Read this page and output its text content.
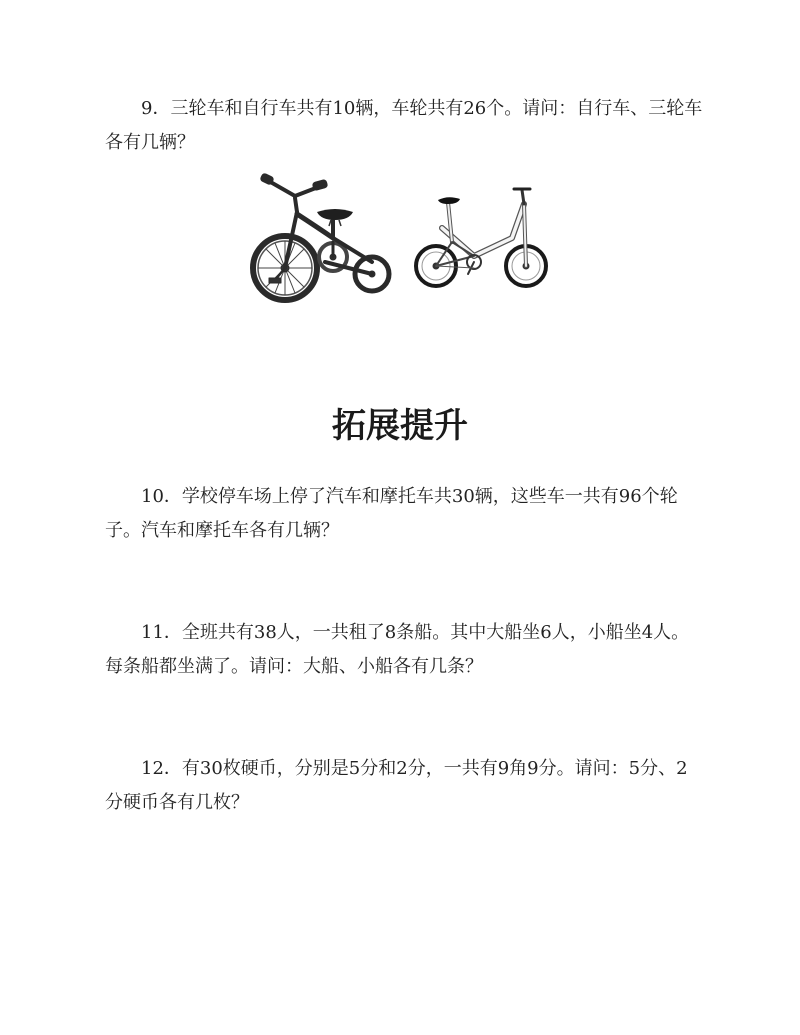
9．三轮车和自行车共有10辆，车轮共有26个。请问：自行车、三轮车各有几辆？

拓展提升

10．学校停车场上停了汽车和摩托车共30辆，这些车一共有96个轮子。汽车和摩托车各有几辆？

11．全班共有38人，一共租了8条船。其中大船坐6人，小船坐4人。每条船都坐满了。请问：大船、小船各有几条？

12．有30枚硬币，分别是5分和2分，一共有9角9分。请问：5分、2分硬币各有几枚？
